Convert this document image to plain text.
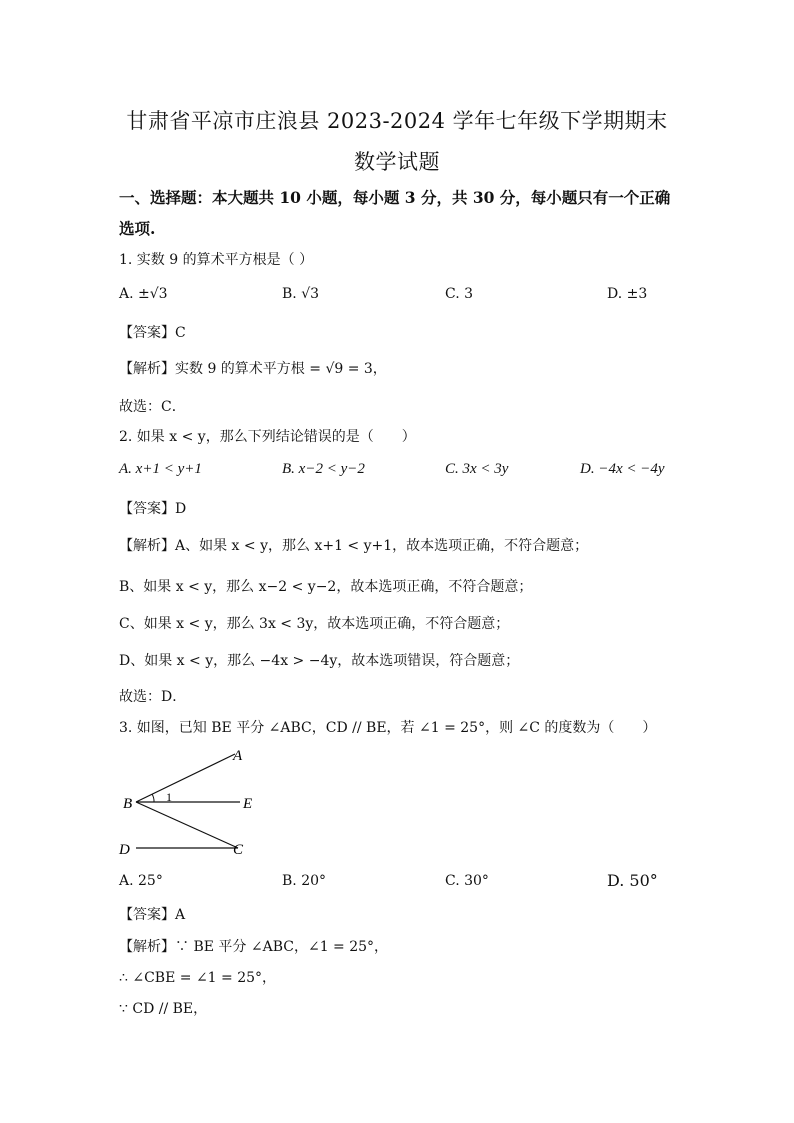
甘肃省平凉市庄浪县 2023-2024 学年七年级下学期期末
数学试题
一、选择题：本大题共 10 小题，每小题 3 分，共 30 分，每小题只有一个正确
选项.
1. 实数 9 的算术平方根是（ ）
A. ±√3	B. √3	C. 3	D. ±3
【答案】C
【解析】实数 9 的算术平方根 = √9 = 3，
故选：C．
2. 如果 x < y，那么下列结论错误的是（　　）
A. x+1 < y+1	B. x−2 < y−2	C. 3x < 3y	D. −4x < −4y
【答案】D
【解析】A、如果 x < y，那么 x+1 < y+1，故本选项正确，不符合题意；
B、如果 x < y，那么 x−2 < y−2，故本选项正确，不符合题意；
C、如果 x < y，那么 3x < 3y，故本选项正确，不符合题意；
D、如果 x < y，那么 −4x > −4y，故本选项错误，符合题意；
故选：D．
3. 如图，已知 BE 平分 ∠ABC，CD // BE，若 ∠1 = 25°，则 ∠C 的度数为（　　）
A
B	E
D	C
1
A. 25°	B. 20°	C. 30°	D. 50°
【答案】A
【解析】∵ BE 平分 ∠ABC，∠1 = 25°，
∴ ∠CBE = ∠1 = 25°，
∵ CD // BE，
